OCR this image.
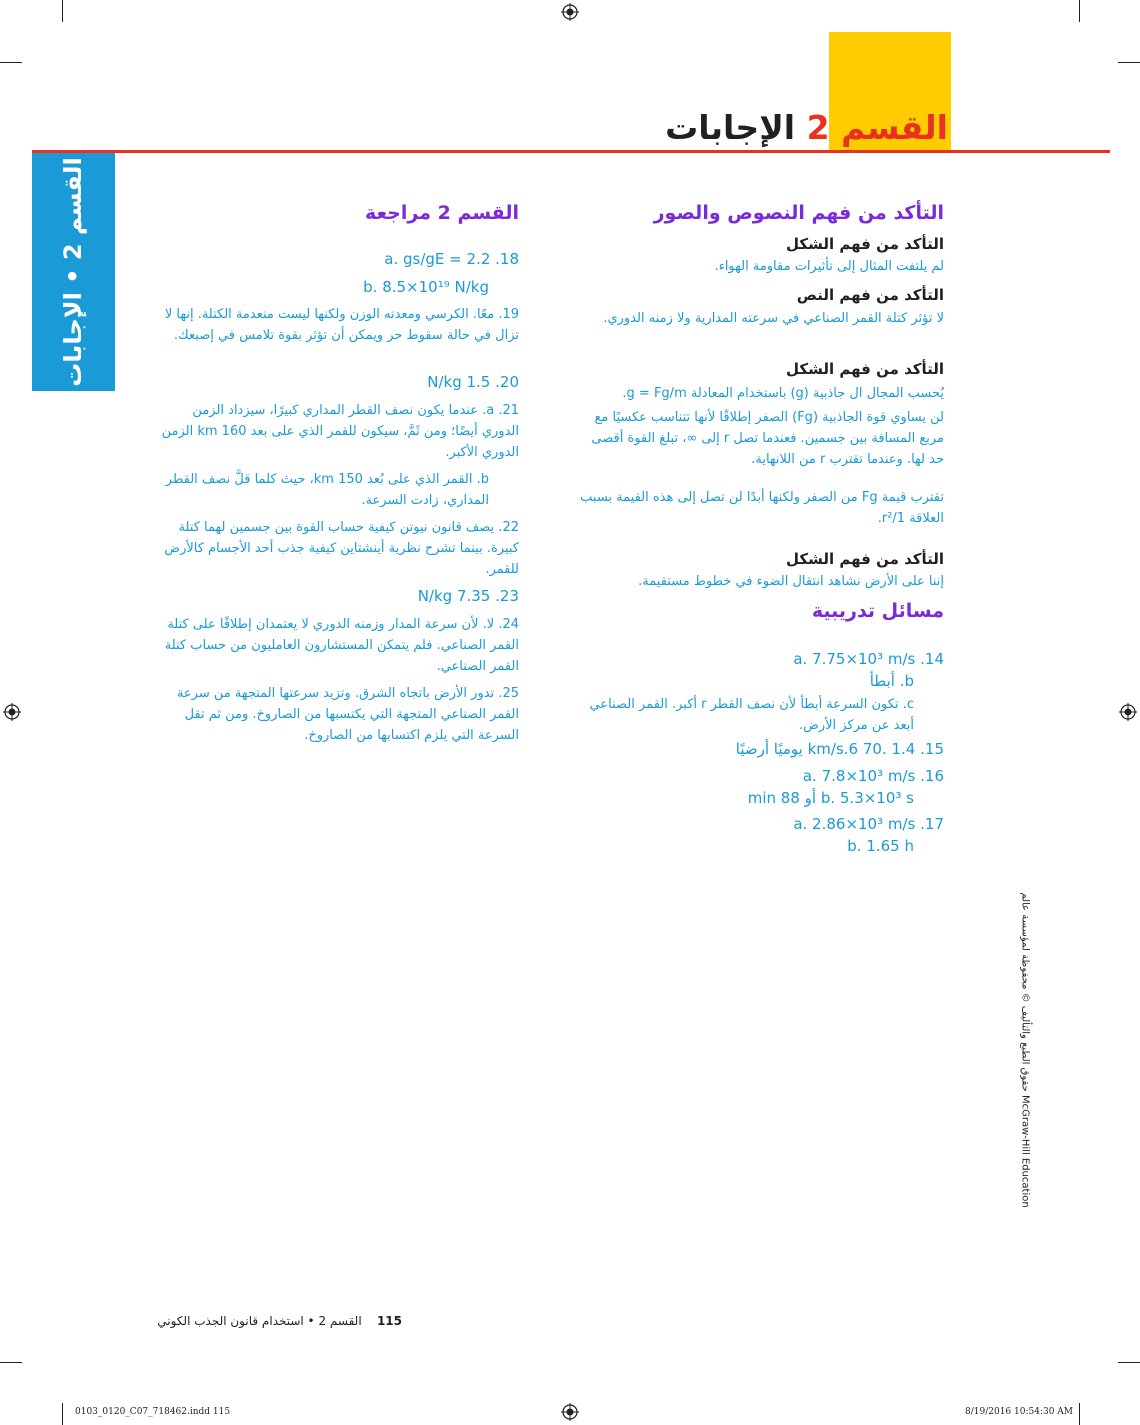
القسم 2 الإجابات
القسم 2 • الإجابات	التأكد من فهم النصوص والصور
التأكد من فهم الشكل
لم يلتفت المثال إلى تأثيرات مقاومة الهواء.
التأكد من فهم النص
لا تؤثر كتلة القمر الصناعي في سرعته المدارية ولا زمنه الدوري.
التأكد من فهم الشكل
يُحسب المجال ال جاذبية (g) باستخدام المعادلة g = Fg/m.
لن يساوي قوة الجاذبية (Fg) الصفر إطلاقًا لأنها تتناسب عكسيًا مع مربع المسافة بين جسمين. فعندما تصل r إلى ∞، تبلغ القوة أقصى حد لها. وعندما تقترب r من اللانهاية.
تقترب قيمة Fg من الصفر ولكنها أبدًا لن تصل إلى هذه القيمة بسبب العلاقة 1/r².
التأكد من فهم الشكل
إننا على الأرض نشاهد انتقال الضوء في خطوط مستقيمة.
مسائل تدريبية
14. a. 7.75×10³ m/s
b. أبطأ
c. تكون السرعة أبطأ لأن نصف القطر r أكبر. القمر الصناعي أبعد عن مركز الأرض.
15. 1.4 .70 km/s.6 يوميًا أرضيًا
16. a. 7.8×10³ m/s
b. 5.3×10³ s أو 88 min
17. a. 2.86×10³ m/s
b. 1.65 h
القسم 2 مراجعة
18. a. gs/gE = 2.2
b. 8.5×10¹⁹ N/kg
19. معًا. الكرسي ومعدته الوزن ولكنها ليست منعدمة الكتلة. إنها لا تزال في حالة سقوط حر ويمكن أن تؤثر بقوة تلامس في إصبعك.
20. 1.5 N/kg
21. a. عندما يكون نصف القطر المداري كبيرًا، سيزداد الزمن الدوري أيضًا؛ ومن ثَمَّ، سيكون للقمر الذي على بعد 160 km الزمن الدوري الأكبر.
b. القمر الذي على بُعد 150 km، حيث كلما قلَّ نصف القطر المداري، زادت السرعة.
22. يصف قانون نيوتن كيفية حساب القوة بين جسمين لهما كتلة كبيرة. بينما تشرح نظرية أينشتاين كيفية جذب أحد الأجسام كالأرض للقمر.
23. 7.35 N/kg
24. لا. لأن سرعة المدار وزمنه الدوري لا يعتمدان إطلاقًا على كتلة القمر الصناعي. فلم يتمكن المستشارون العامليون من حساب كتلة القمر الصناعي.
25. تدور الأرض باتجاه الشرق. وتزيد سرعتها المتجهة من سرعة القمر الصناعي المتجهة التي يكتسبها من الصاروخ. ومن ثم تقل السرعة التي يلزم اكتسابها من الصاروخ.
حقوق الطبع والتأليف © محفوظة لمؤسسة عالم McGraw-Hill Education
115    القسم 2 • استخدام قانون الجذب الكوني
0103_0120_C07_718462.indd 115	8/19/2016 10:54:30 AM
